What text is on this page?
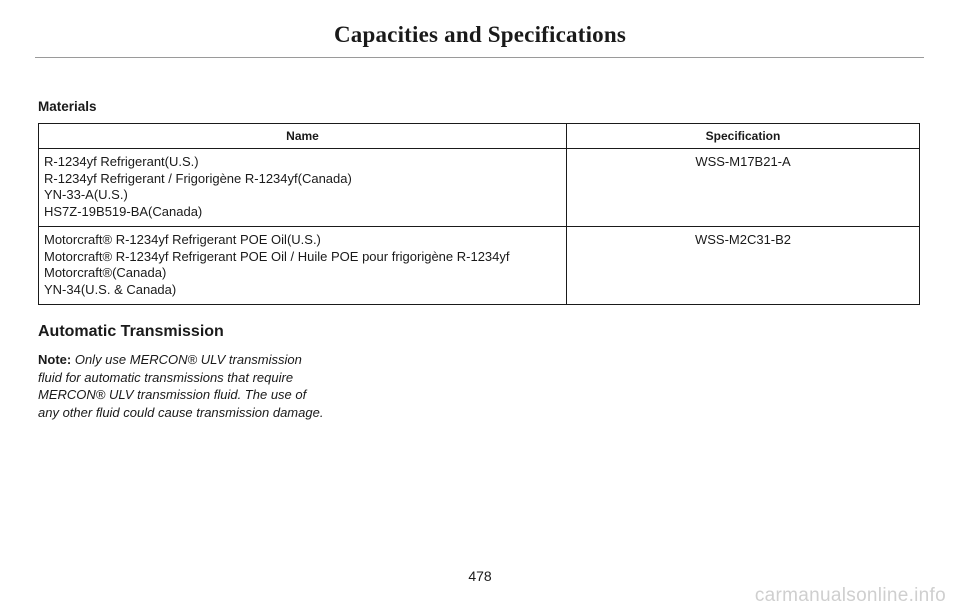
Capacities and Specifications
Materials
Name	Specification

R-1234yf Refrigerant(U.S.)
R-1234yf Refrigerant / Frigorigène R-1234yf(Canada)
YN-33-A(U.S.)
HS7Z-19B519-BA(Canada)	WSS-M17B21-A

Motorcraft® R-1234yf Refrigerant POE Oil(U.S.)
Motorcraft® R-1234yf Refrigerant POE Oil / Huile POE pour frigorigène R-1234yf
Motorcraft®(Canada)
YN-34(U.S. & Canada)	WSS-M2C31-B2
Automatic Transmission
Note: Only use MERCON® ULV transmission fluid for automatic transmissions that require MERCON® ULV transmission fluid. The use of any other fluid could cause transmission damage.
478
carmanualsonline.info
